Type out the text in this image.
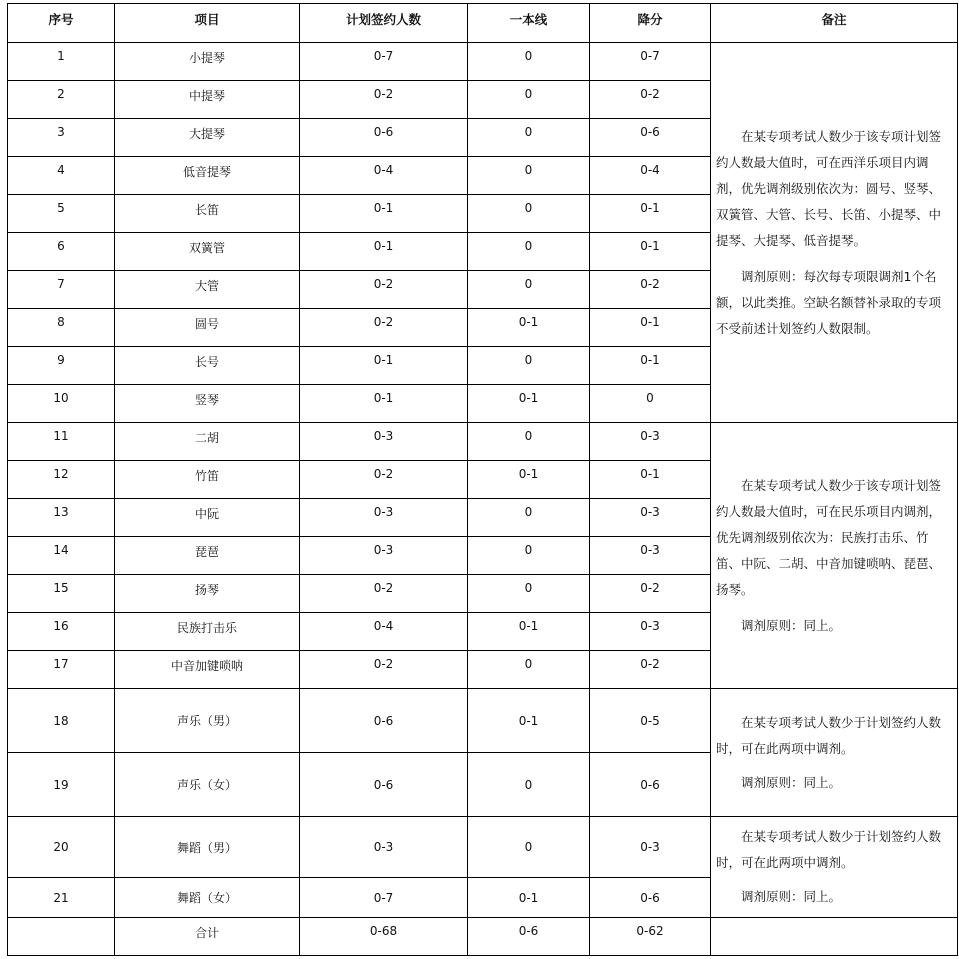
序号	项目	计划签约人数	一本线	降分	备注
1	小提琴	0-7	0	0-7	在某专项考试人数少于该专项计划签约人数最大值时，可在西洋乐项目内调剂，优先调剂级别依次为：圆号、竖琴、双簧管、大管、长号、长笛、小提琴、中提琴、大提琴、低音提琴。

调剂原则：每次每专项限调剂1个名额，以此类推。空缺名额替补录取的专项不受前述计划签约人数限制。

2	中提琴	0-2	0	0-2	
3	大提琴	0-6	0	0-6	
4	低音提琴	0-4	0	0-4	
5	长笛	0-1	0	0-1	
6	双簧管	0-1	0	0-1	
7	大管	0-2	0	0-2	
8	圆号	0-2	0-1	0-1	
9	长号	0-1	0	0-1	
10	竖琴	0-1	0-1	0	
11	二胡	0-3	0	0-3	在某专项考试人数少于该专项计划签约人数最大值时，可在民乐项目内调剂，优先调剂级别依次为：民族打击乐、竹笛、中阮、二胡、中音加键唢呐、琵琶、扬琴。

调剂原则：同上。

12	竹笛	0-2	0-1	0-1	
13	中阮	0-3	0	0-3	
14	琵琶	0-3	0	0-3	
15	扬琴	0-2	0	0-2	
16	民族打击乐	0-4	0-1	0-3	
17	中音加键唢呐	0-2	0	0-2	
18	声乐（男）	0-6	0-1	0-5	在某专项考试人数少于计划签约人数时，可在此两项中调剂。

调剂原则：同上。

19	声乐（女）	0-6	0	0-6	
20	舞蹈（男）	0-3	0	0-3	在某专项考试人数少于计划签约人数时，可在此两项中调剂。

调剂原则：同上。

21	舞蹈（女）	0-7	0-1	0-6	
	合计	0-68	0-6	0-62	
